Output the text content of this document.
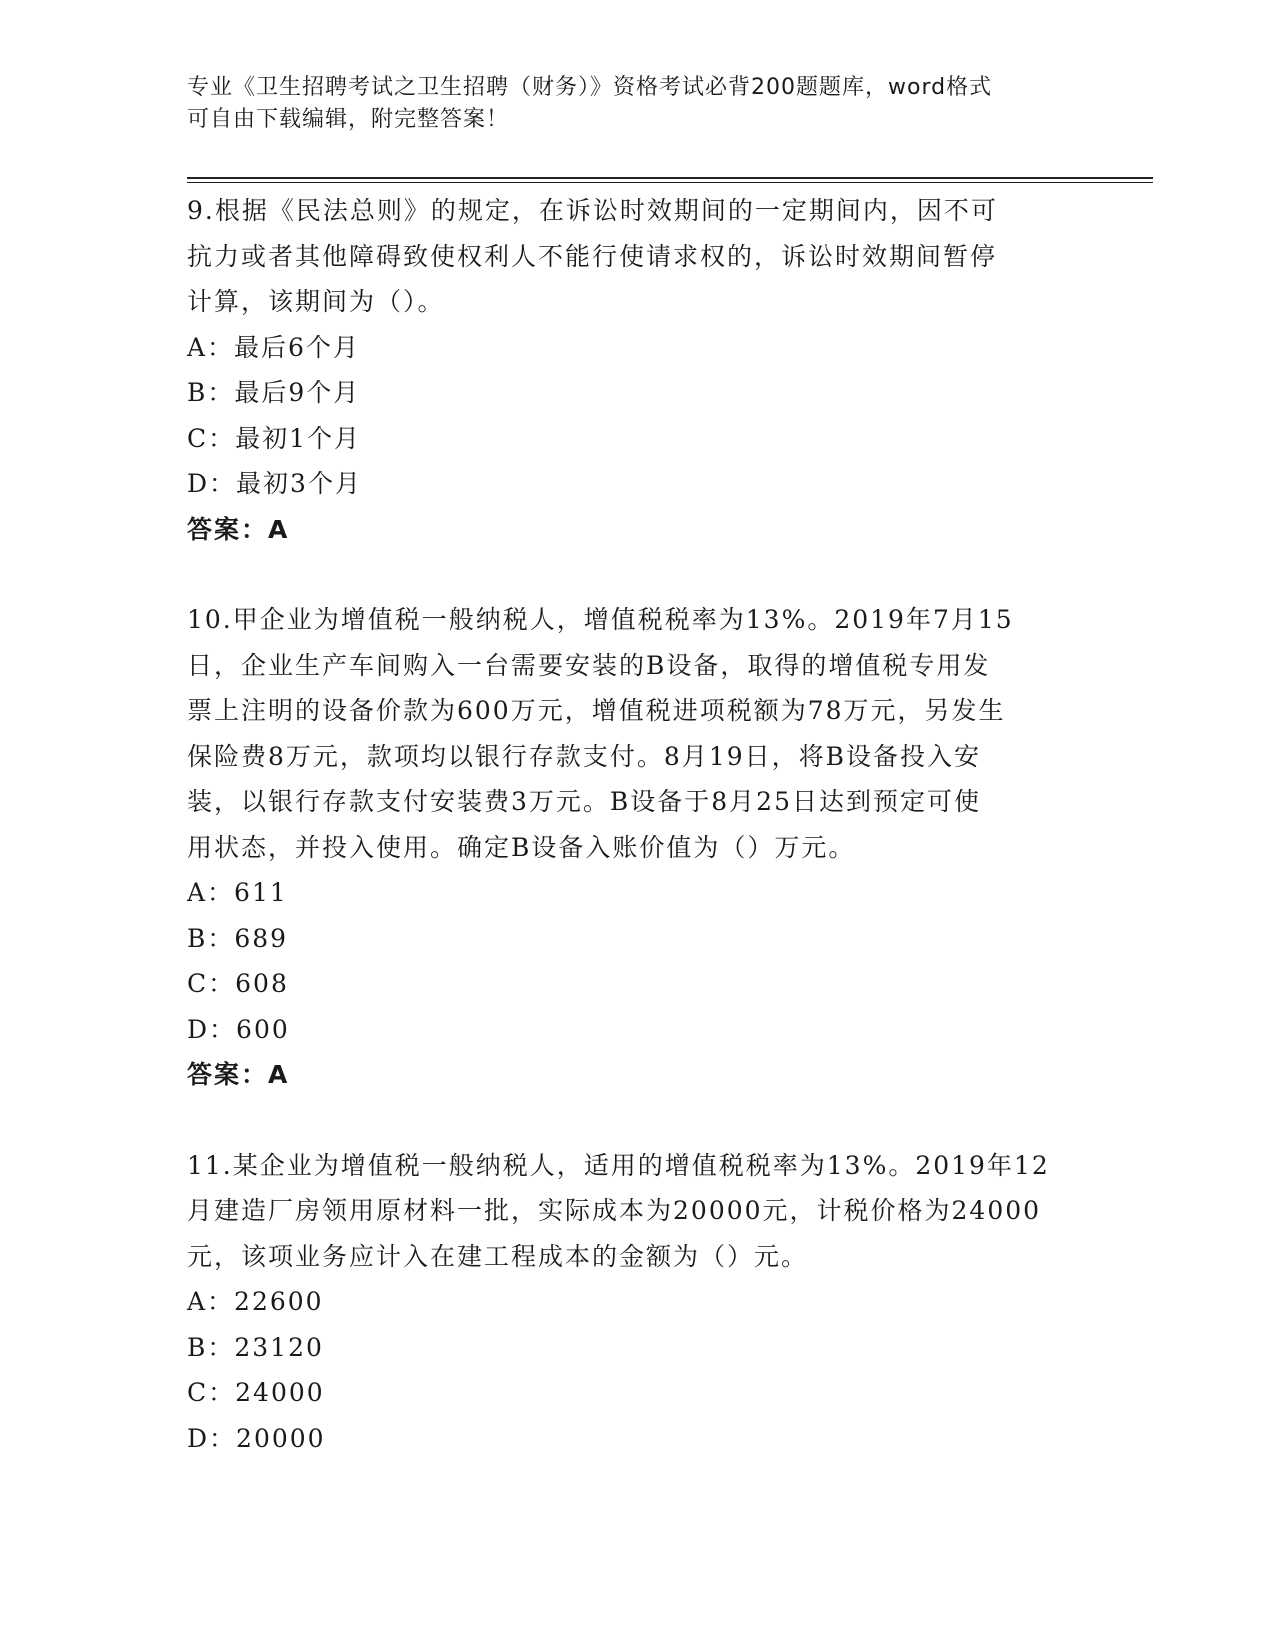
专业《卫生招聘考试之卫生招聘（财务）》资格考试必背200题题库，word格式
可自由下载编辑，附完整答案！
9.根据《民法总则》的规定，在诉讼时效期间的一定期间内，因不可
抗力或者其他障碍致使权利人不能行使请求权的，诉讼时效期间暂停
计算，该期间为（）。
A：最后6个月
B：最后9个月
C：最初1个月
D：最初3个月
答案：A
10.甲企业为增值税一般纳税人，增值税税率为13%。2019年7月15
日，企业生产车间购入一台需要安装的B设备，取得的增值税专用发
票上注明的设备价款为600万元，增值税进项税额为78万元，另发生
保险费8万元，款项均以银行存款支付。8月19日，将B设备投入安
装，以银行存款支付安装费3万元。B设备于8月25日达到预定可使
用状态，并投入使用。确定B设备入账价值为（）万元。
A：611
B：689
C：608
D：600
答案：A
11.某企业为增值税一般纳税人，适用的增值税税率为13%。2019年12
月建造厂房领用原材料一批，实际成本为20000元，计税价格为24000
元，该项业务应计入在建工程成本的金额为（）元。
A：22600
B：23120
C：24000
D：20000
